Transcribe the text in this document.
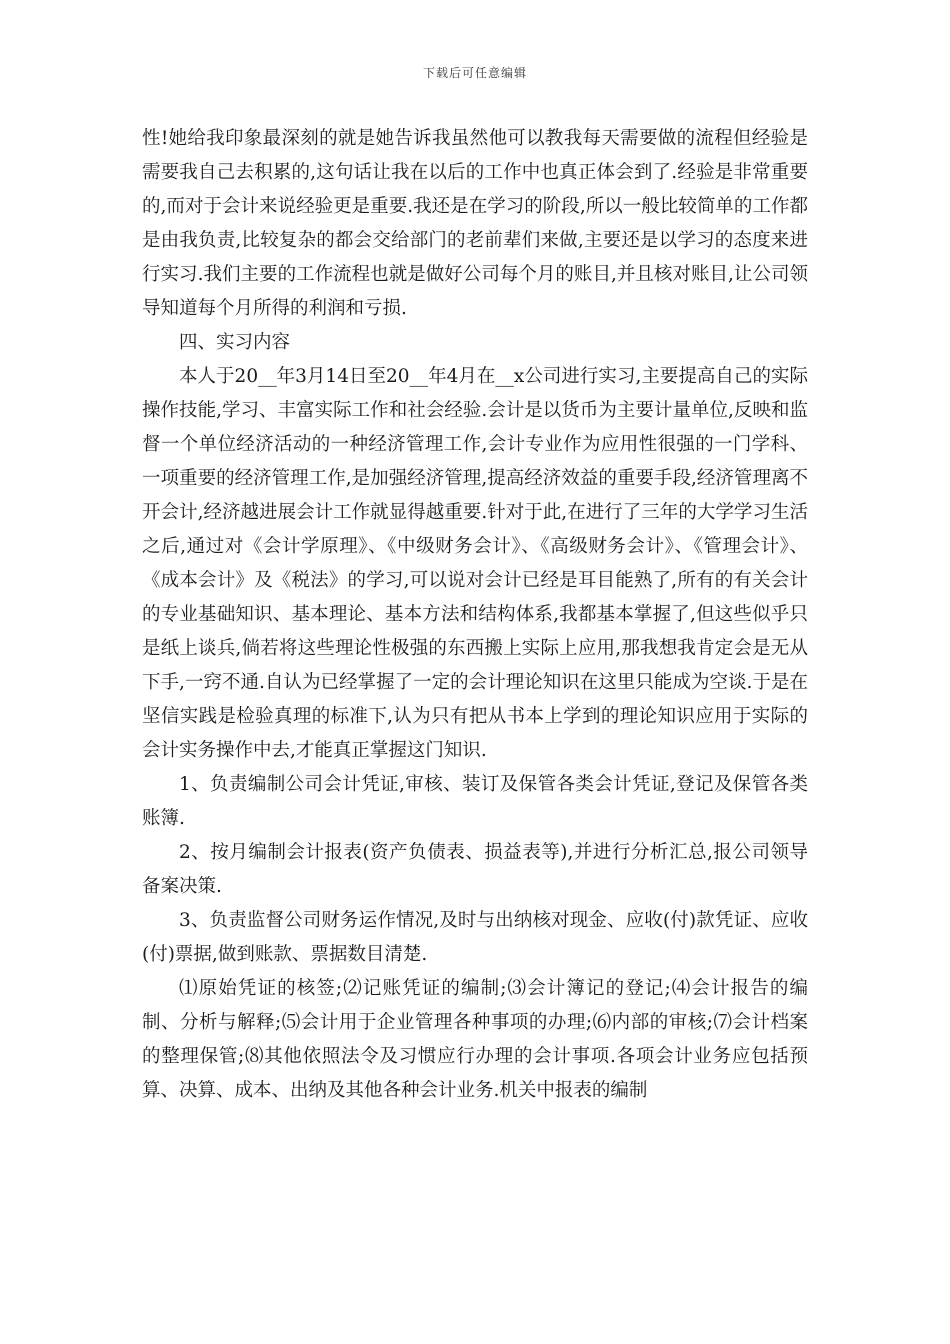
下载后可任意编辑

性!她给我印象最深刻的就是她告诉我虽然他可以教我每天需要做的流程但经验是需要我自己去积累的,这句话让我在以后的工作中也真正体会到了.经验是非常重要的,而对于会计来说经验更是重要.我还是在学习的阶段,所以一般比较简单的工作都是由我负责,比较复杂的都会交给部门的老前辈们来做,主要还是以学习的态度来进行实习.我们主要的工作流程也就是做好公司每个月的账目,并且核对账目,让公司领导知道每个月所得的利润和亏损.

四、实习内容

本人于20__年3月14日至20__年4月在__x公司进行实习,主要提高自己的实际操作技能,学习、丰富实际工作和社会经验.会计是以货币为主要计量单位,反映和监督一个单位经济活动的一种经济管理工作,会计专业作为应用性很强的一门学科、一项重要的经济管理工作,是加强经济管理,提高经济效益的重要手段,经济管理离不开会计,经济越进展会计工作就显得越重要.针对于此,在进行了三年的大学学习生活之后,通过对《会计学原理》、《中级财务会计》、《高级财务会计》、《管理会计》、《成本会计》及《税法》的学习,可以说对会计已经是耳目能熟了,所有的有关会计的专业基础知识、基本理论、基本方法和结构体系,我都基本掌握了,但这些似乎只是纸上谈兵,倘若将这些理论性极强的东西搬上实际上应用,那我想我肯定会是无从下手,一窍不通.自认为已经掌握了一定的会计理论知识在这里只能成为空谈.于是在坚信实践是检验真理的标准下,认为只有把从书本上学到的理论知识应用于实际的会计实务操作中去,才能真正掌握这门知识.

1、负责编制公司会计凭证,审核、装订及保管各类会计凭证,登记及保管各类账簿.

2、按月编制会计报表(资产负债表、损益表等),并进行分析汇总,报公司领导备案决策.

3、负责监督公司财务运作情况,及时与出纳核对现金、应收(付)款凭证、应收(付)票据,做到账款、票据数目清楚.

⑴原始凭证的核签;⑵记账凭证的编制;⑶会计簿记的登记;⑷会计报告的编制、分析与解释;⑸会计用于企业管理各种事项的办理;⑹内部的审核;⑺会计档案的整理保管;⑻其他依照法令及习惯应行办理的会计事项.各项会计业务应包括预算、决算、成本、出纳及其他各种会计业务.机关中报表的编制
